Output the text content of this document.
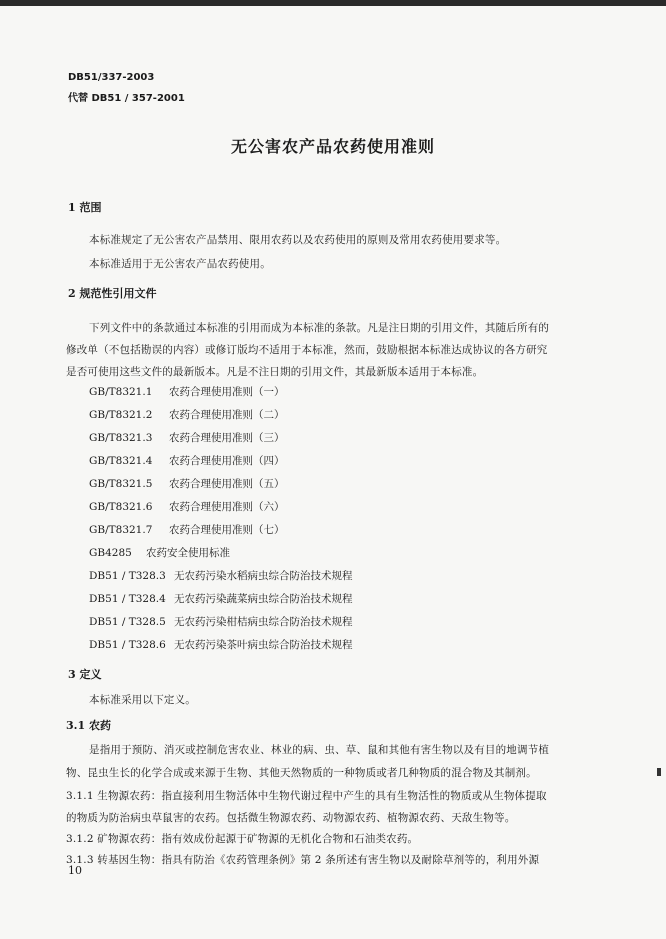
DB51/337-2003
代替 DB51 / 357-2001
无公害农产品农药使用准则
1 范围
本标准规定了无公害农产品禁用、限用农药以及农药使用的原则及常用农药使用要求等。
本标准适用于无公害农产品农药使用。
2 规范性引用文件
下列文件中的条款通过本标准的引用而成为本标准的条款。凡是注日期的引用文件，其随后所有的
修改单（不包括勘误的内容）或修订版均不适用于本标准，然而，鼓励根据本标准达成协议的各方研究
是否可使用这些文件的最新版本。凡是不注日期的引用文件，其最新版本适用于本标准。
GB/T8321.1 农药合理使用准则（一）
GB/T8321.2 农药合理使用准则（二）
GB/T8321.3 农药合理使用准则（三）
GB/T8321.4 农药合理使用准则（四）
GB/T8321.5 农药合理使用准则（五）
GB/T8321.6 农药合理使用准则（六）
GB/T8321.7 农药合理使用准则（七）
GB4285 农药安全使用标准
DB51 / T328.3 无农药污染水稻病虫综合防治技术规程
DB51 / T328.4 无农药污染蔬菜病虫综合防治技术规程
DB51 / T328.5 无农药污染柑桔病虫综合防治技术规程
DB51 / T328.6 无农药污染茶叶病虫综合防治技术规程
3 定义
本标准采用以下定义。
3.1 农药
是指用于预防、消灭或控制危害农业、林业的病、虫、草、鼠和其他有害生物以及有目的地调节植
物、昆虫生长的化学合成或来源于生物、其他天然物质的一种物质或者几种物质的混合物及其制剂。
3.1.1 生物源农药：指直接利用生物活体中生物代谢过程中产生的具有生物活性的物质或从生物体提取
的物质为防治病虫草鼠害的农药。包括微生物源农药、动物源农药、植物源农药、天敌生物等。
3.1.2 矿物源农药：指有效成份起源于矿物源的无机化合物和石油类农药。
3.1.3 转基因生物：指具有防治《农药管理条例》第 2 条所述有害生物以及耐除草剂等的，利用外源
10
